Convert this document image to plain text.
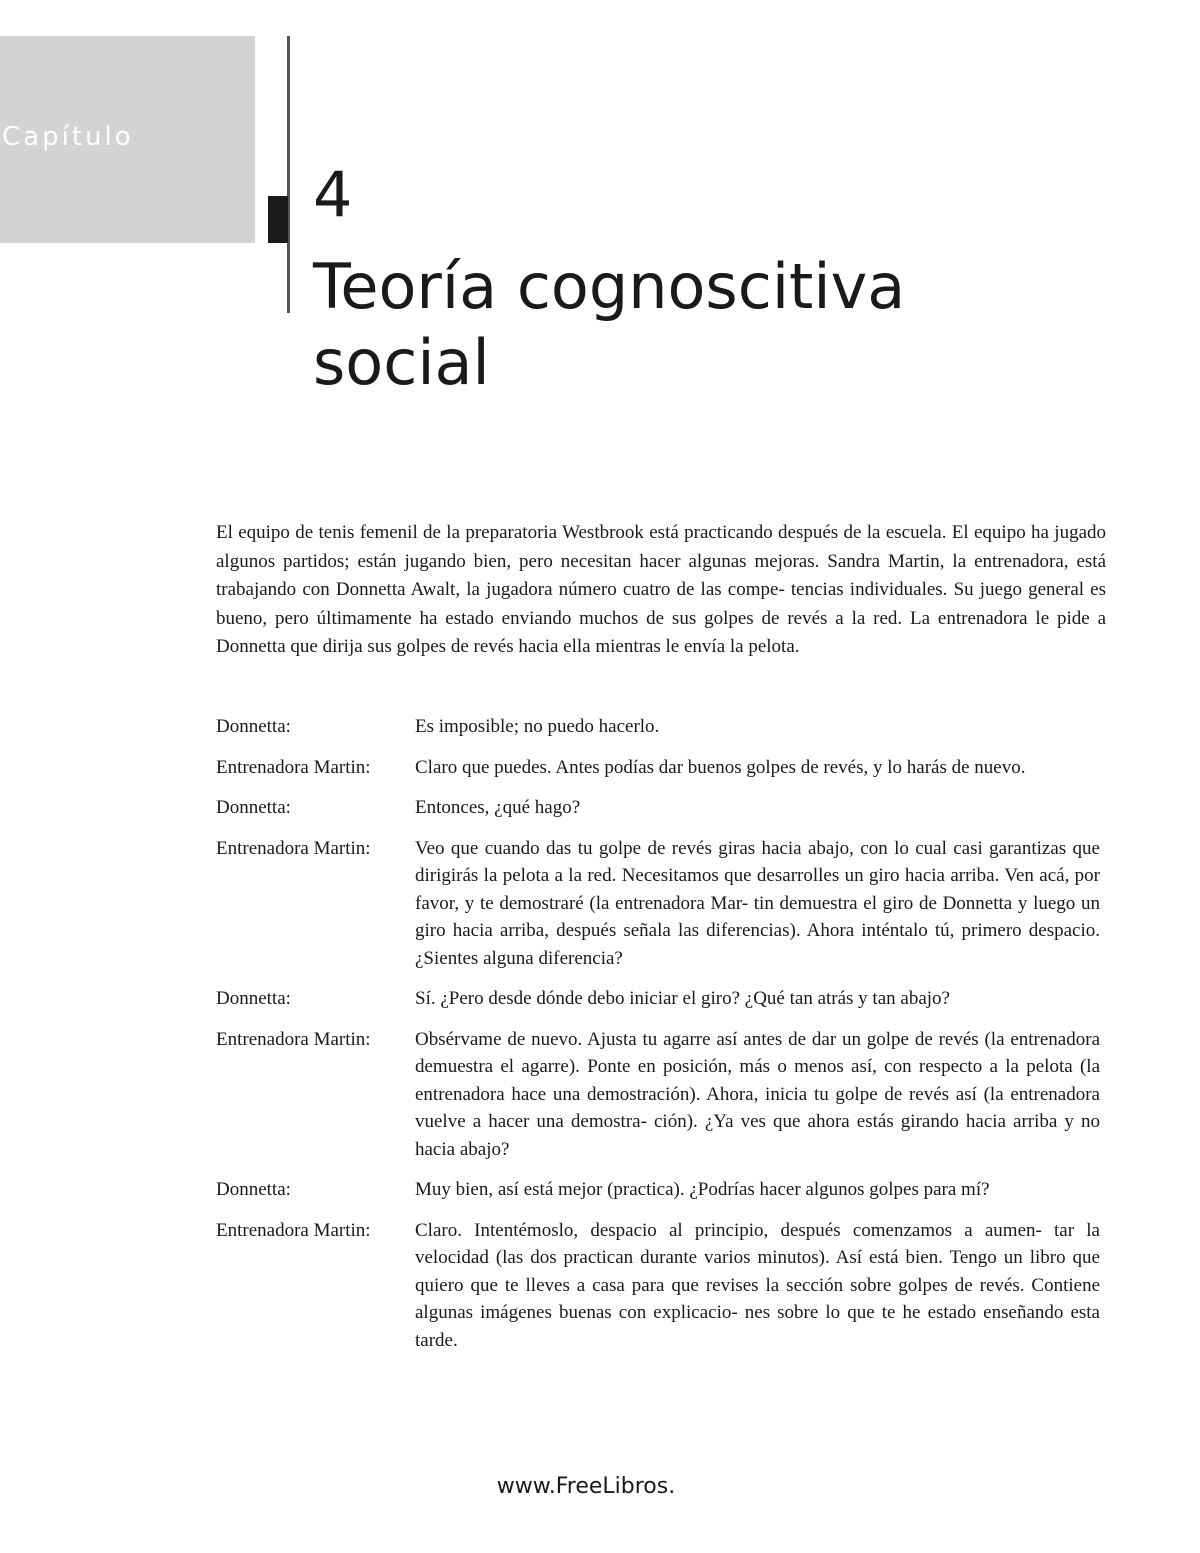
Capítulo
4
Teoría cognoscitiva social

El equipo de tenis femenil de la preparatoria Westbrook está practicando después de la escuela. El equipo ha jugado algunos partidos; están jugando bien, pero necesitan hacer algunas mejoras. Sandra Martin, la entrenadora, está trabajando con Donnetta Awalt, la jugadora número cuatro de las compe- tencias individuales. Su juego general es bueno, pero últimamente ha estado enviando muchos de sus golpes de revés a la red. La entrenadora le pide a Donnetta que dirija sus golpes de revés hacia ella mientras le envía la pelota.

Donnetta:	Es imposible; no puedo hacerlo.
Entrenadora Martin:	Claro que puedes. Antes podías dar buenos golpes de revés, y lo harás de nuevo.
Donnetta:	Entonces, ¿qué hago?
Entrenadora Martin:	Veo que cuando das tu golpe de revés giras hacia abajo, con lo cual casi garantizas que dirigirás la pelota a la red. Necesitamos que desarrolles un giro hacia arriba. Ven acá, por favor, y te demostraré (la entrenadora Mar- tin demuestra el giro de Donnetta y luego un giro hacia arriba, después señala las diferencias). Ahora inténtalo tú, primero despacio. ¿Sientes alguna diferencia?
Donnetta:	Sí. ¿Pero desde dónde debo iniciar el giro? ¿Qué tan atrás y tan abajo?
Entrenadora Martin:	Obsérvame de nuevo. Ajusta tu agarre así antes de dar un golpe de revés (la entrenadora demuestra el agarre). Ponte en posición, más o menos así, con respecto a la pelota (la entrenadora hace una demostración). Ahora, inicia tu golpe de revés así (la entrenadora vuelve a hacer una demostra- ción). ¿Ya ves que ahora estás girando hacia arriba y no hacia abajo?
Donnetta:	Muy bien, así está mejor (practica). ¿Podrías hacer algunos golpes para mí?
Entrenadora Martin:	Claro. Intentémoslo, despacio al principio, después comenzamos a aumen- tar la velocidad (las dos practican durante varios minutos). Así está bien. Tengo un libro que quiero que te lleves a casa para que revises la sección sobre golpes de revés. Contiene algunas imágenes buenas con explicacio- nes sobre lo que te he estado enseñando esta tarde.
www.FreeLibros.
